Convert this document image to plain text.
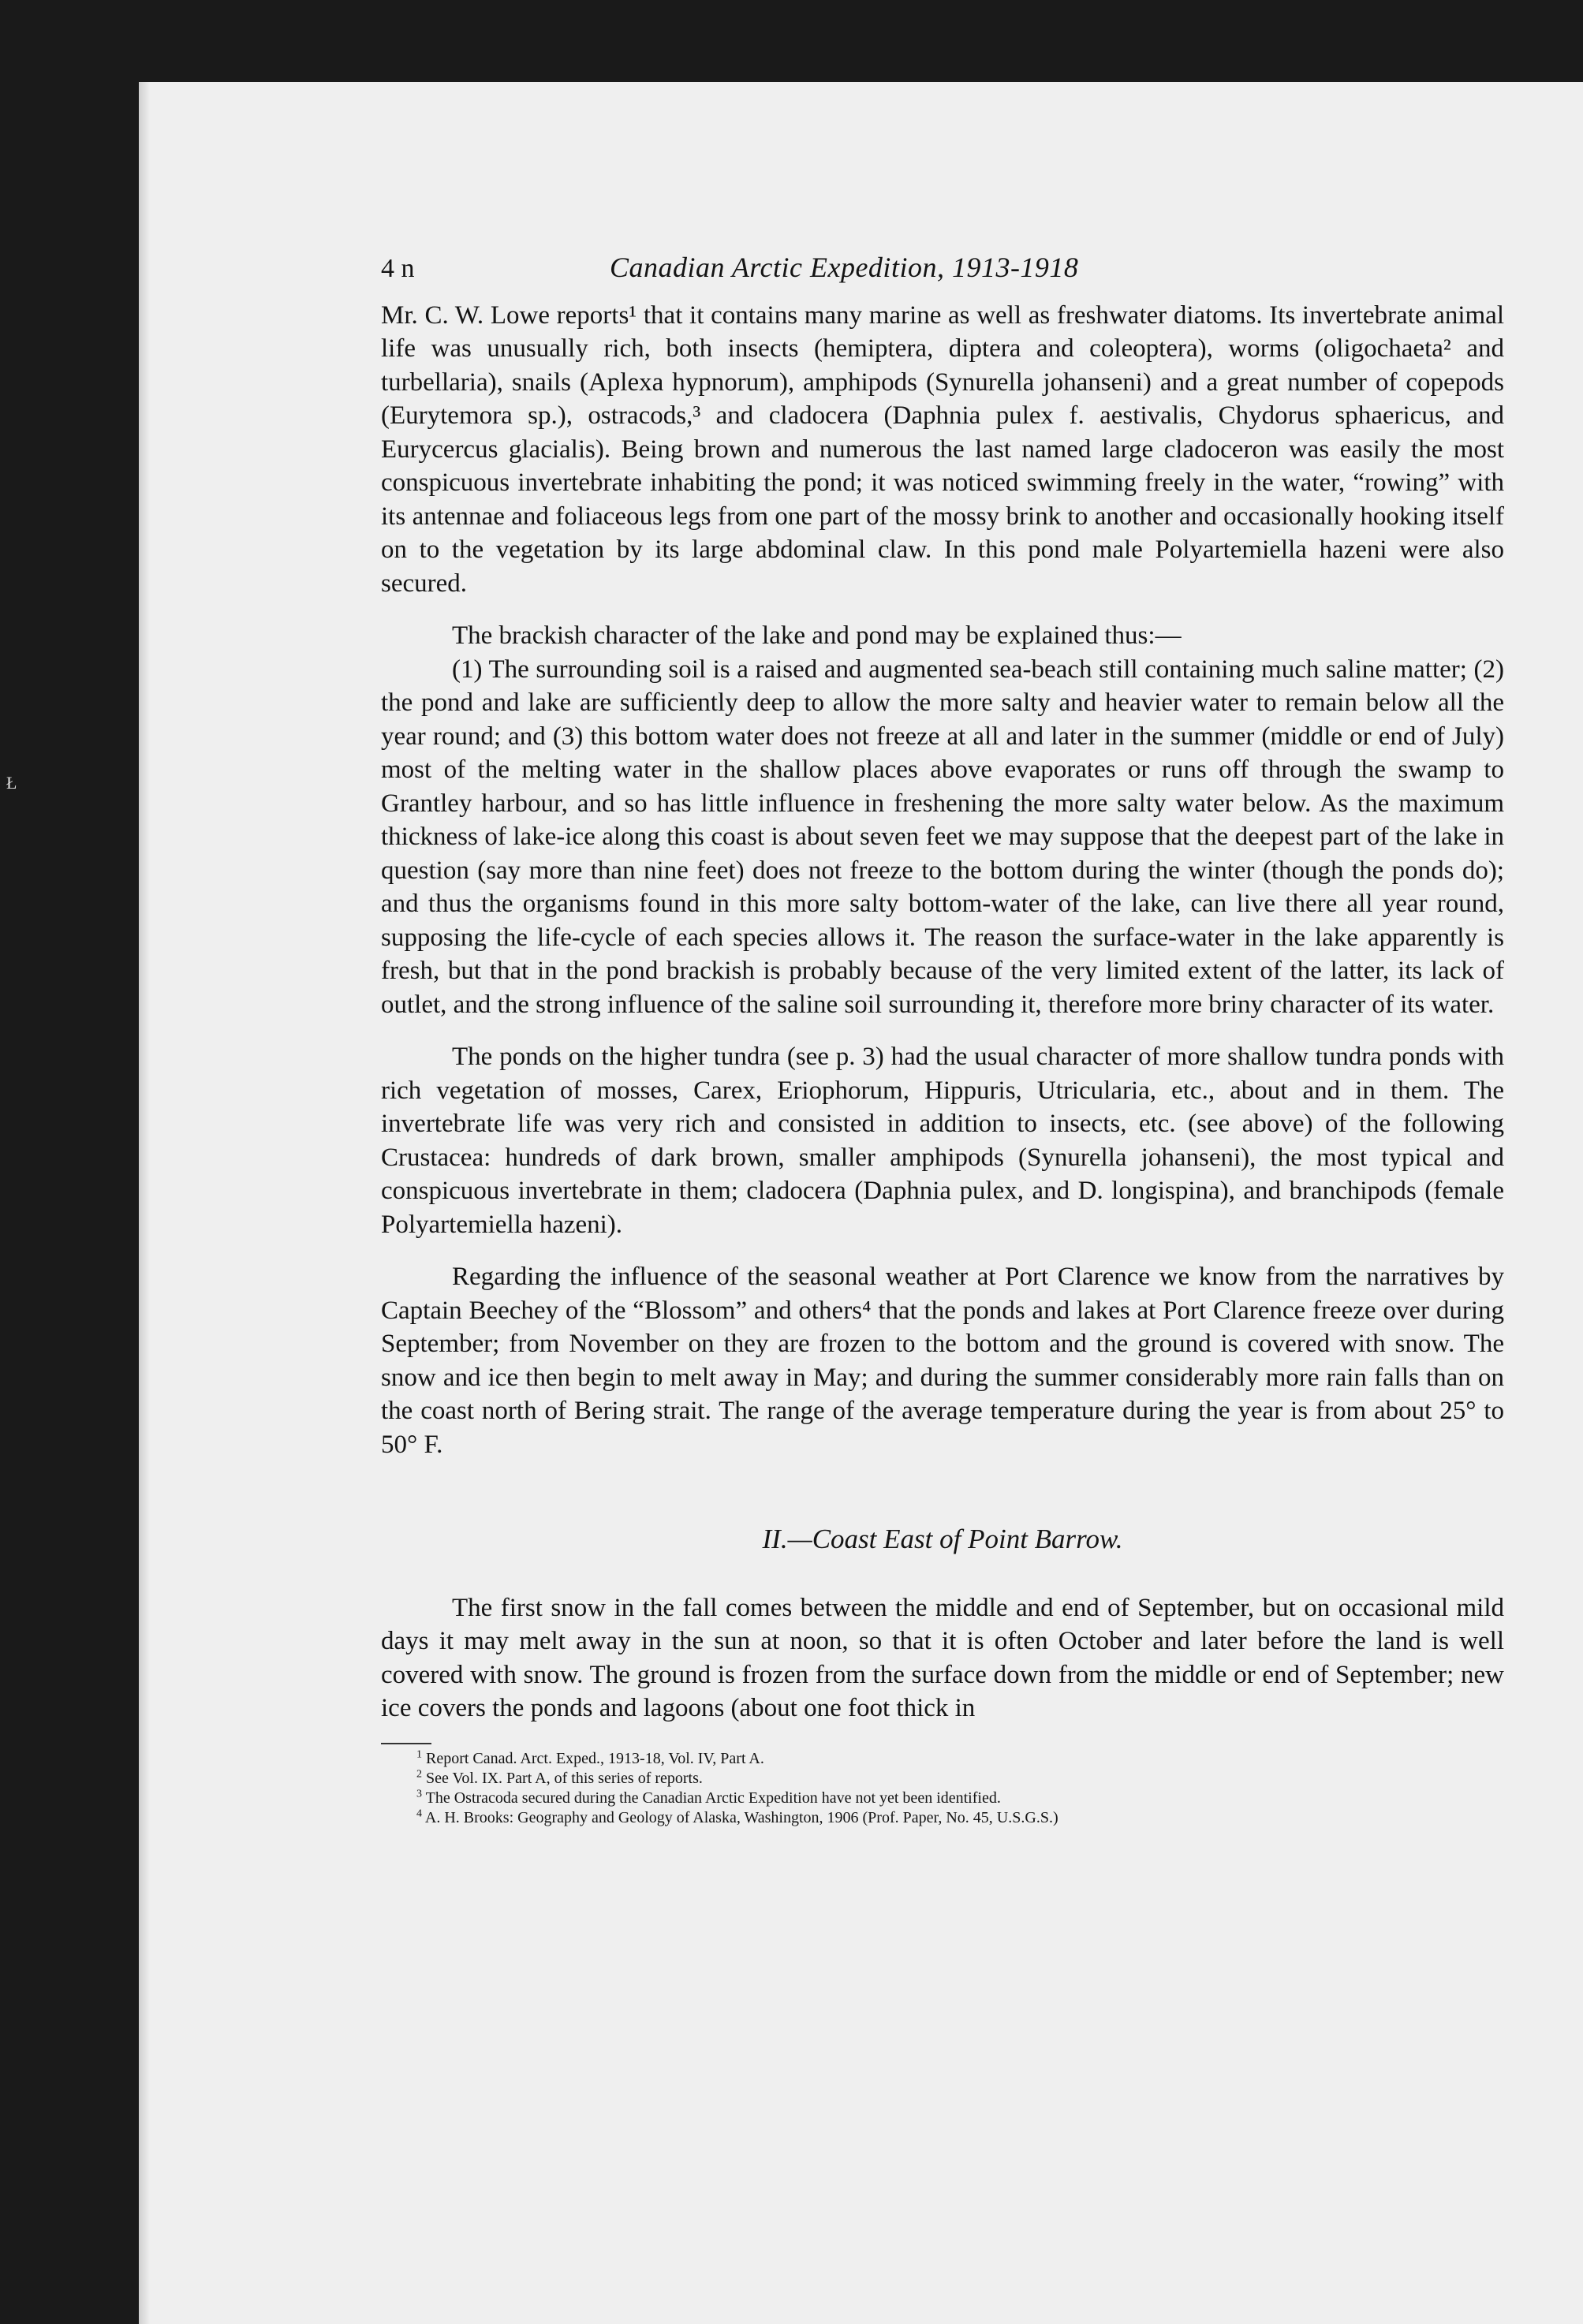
Ł
4 n	Canadian Arctic Expedition, 1913-1918

Mr. C. W. Lowe reports¹ that it contains many marine as well as freshwater diatoms. Its invertebrate animal life was unusually rich, both insects (hemiptera, diptera and coleoptera), worms (oligochaeta² and turbellaria), snails (Aplexa hypnorum), amphipods (Synurella johanseni) and a great number of copepods (Eurytemora sp.), ostracods,³ and cladocera (Daphnia pulex f. aestivalis, Chydorus sphaericus, and Eurycercus glacialis). Being brown and numerous the last named large cladoceron was easily the most conspicuous invertebrate inhabiting the pond; it was noticed swimming freely in the water, “rowing” with its antennae and foliaceous legs from one part of the mossy brink to another and occasionally hooking itself on to the vegetation by its large abdominal claw. In this pond male Polyartemiella hazeni were also secured.

The brackish character of the lake and pond may be explained thus:—

(1) The surrounding soil is a raised and augmented sea-beach still containing much saline matter; (2) the pond and lake are sufficiently deep to allow the more salty and heavier water to remain below all the year round; and (3) this bottom water does not freeze at all and later in the summer (middle or end of July) most of the melting water in the shallow places above evaporates or runs off through the swamp to Grantley harbour, and so has little influence in freshening the more salty water below. As the maximum thickness of lake-ice along this coast is about seven feet we may suppose that the deepest part of the lake in question (say more than nine feet) does not freeze to the bottom during the winter (though the ponds do); and thus the organisms found in this more salty bottom-water of the lake, can live there all year round, supposing the life-cycle of each species allows it. The reason the surface-water in the lake apparently is fresh, but that in the pond brackish is probably because of the very limited extent of the latter, its lack of outlet, and the strong influence of the saline soil surrounding it, therefore more briny character of its water.

The ponds on the higher tundra (see p. 3) had the usual character of more shallow tundra ponds with rich vegetation of mosses, Carex, Eriophorum, Hippuris, Utricularia, etc., about and in them. The invertebrate life was very rich and consisted in addition to insects, etc. (see above) of the following Crustacea: hundreds of dark brown, smaller amphipods (Synurella johanseni), the most typical and conspicuous invertebrate in them; cladocera (Daphnia pulex, and D. longispina), and branchipods (female Polyartemiella hazeni).

Regarding the influence of the seasonal weather at Port Clarence we know from the narratives by Captain Beechey of the “Blossom” and others⁴ that the ponds and lakes at Port Clarence freeze over during September; from November on they are frozen to the bottom and the ground is covered with snow. The snow and ice then begin to melt away in May; and during the summer considerably more rain falls than on the coast north of Bering strait. The range of the average temperature during the year is from about 25° to 50° F.

II.—Coast East of Point Barrow.

The first snow in the fall comes between the middle and end of September, but on occasional mild days it may melt away in the sun at noon, so that it is often October and later before the land is well covered with snow. The ground is frozen from the surface down from the middle or end of September; new ice covers the ponds and lagoons (about one foot thick in

$^1$ Report Canad. Arct. Exped., 1913-18, Vol. IV, Part A.

$^2$ See Vol. IX. Part A, of this series of reports.

$^3$ The Ostracoda secured during the Canadian Arctic Expedition have not yet been identified.

$^4$ A. H. Brooks: Geography and Geology of Alaska, Washington, 1906 (Prof. Paper, No. 45, U.S.G.S.)
